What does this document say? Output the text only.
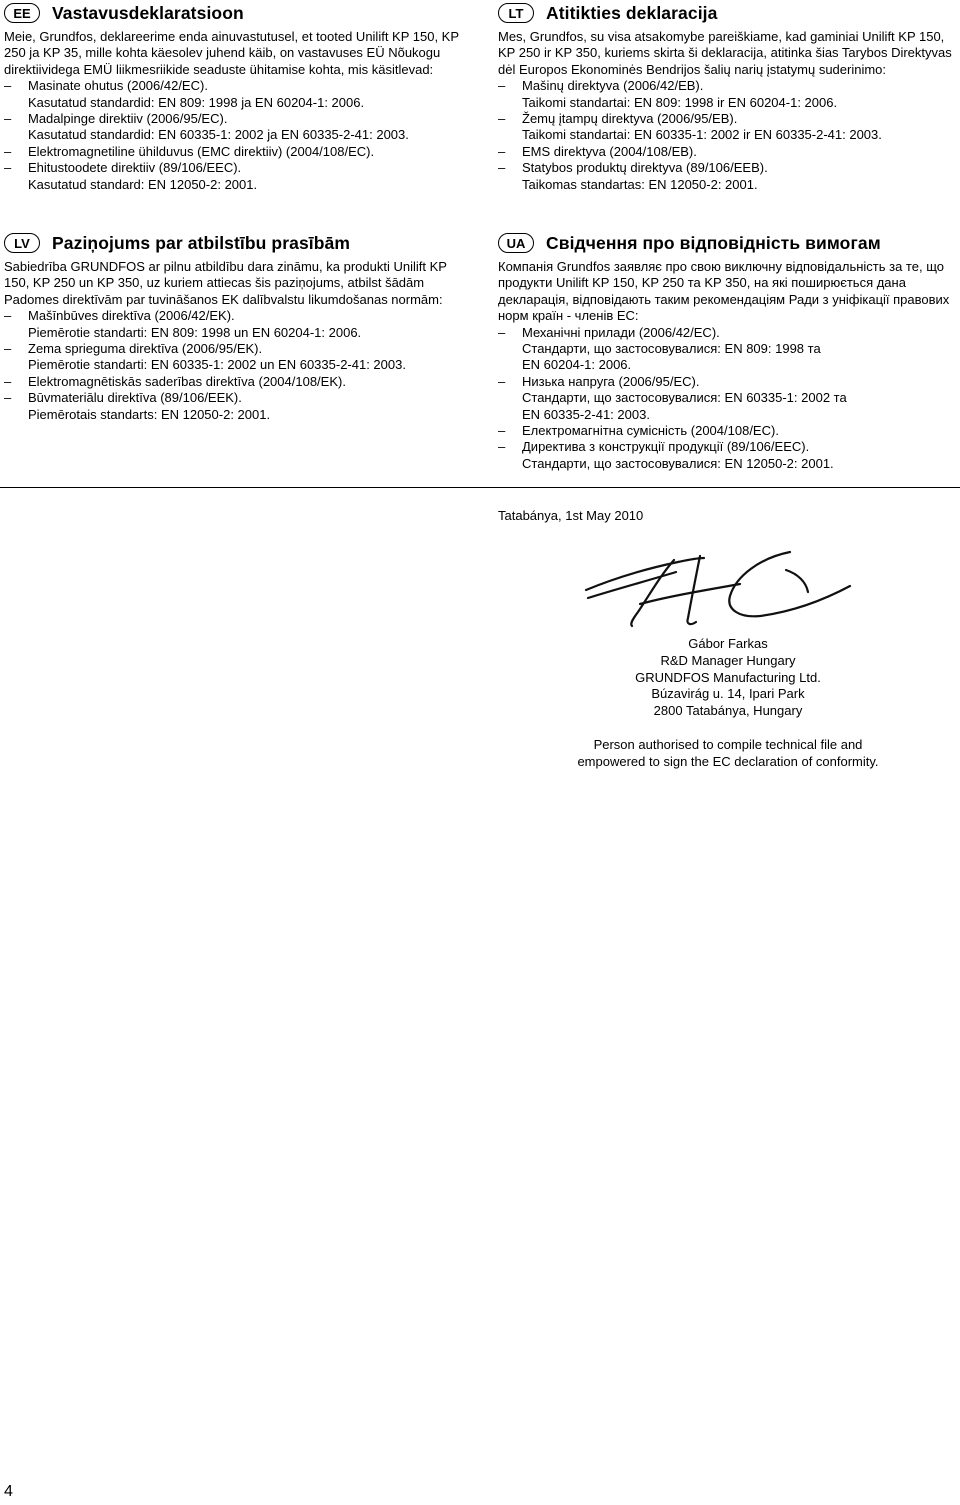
EE	Vastavusdeklaratsioon
Meie, Grundfos, deklareerime enda ainuvastutusel, et tooted Unilift KP 150, KP 250 ja KP 35, mille kohta käesolev juhend käib, on vastavuses EÜ Nõukogu direktiividega EMÜ liikmesriikide seaduste ühitamise kohta, mis käsitlevad:
–	Masinate ohutus (2006/42/EC).
Kasutatud standardid: EN 809: 1998 ja EN 60204-1: 2006.
–	Madalpinge direktiiv (2006/95/EC).
Kasutatud standardid: EN 60335-1: 2002 ja EN 60335-2-41: 2003.
–	Elektromagnetiline ühilduvus (EMC direktiiv) (2004/108/EC).
–	Ehitustoodete direktiiv (89/106/EEC).
Kasutatud standard: EN 12050-2: 2001.
LT	Atitikties deklaracija
Mes, Grundfos, su visa atsakomybe pareiškiame, kad gaminiai Unilift KP 150, KP 250 ir KP 350, kuriems skirta ši deklaracija, atitinka šias Tarybos Direktyvas dėl Europos Ekonominės Bendrijos šalių narių įstatymų suderinimo:
–	Mašinų direktyva (2006/42/EB).
Taikomi standartai: EN 809: 1998 ir EN 60204-1: 2006.
–	Žemų įtampų direktyva (2006/95/EB).
Taikomi standartai: EN 60335-1: 2002 ir EN 60335-2-41: 2003.
–	EMS direktyva (2004/108/EB).
–	Statybos produktų direktyva (89/106/EEB).
Taikomas standartas: EN 12050-2: 2001.
LV	Paziņojums par atbilstību prasībām
Sabiedrība GRUNDFOS ar pilnu atbildību dara zināmu, ka produkti Unilift KP 150, KP 250 un KP 350, uz kuriem attiecas šis paziņojums, atbilst šādām Padomes direktīvām par tuvināšanos EK dalībvalstu likumdošanas normām:
–	Mašīnbūves direktīva (2006/42/EK).
Piemērotie standarti: EN 809: 1998 un EN 60204-1: 2006.
–	Zema sprieguma direktīva (2006/95/EK).
Piemērotie standarti: EN 60335-1: 2002 un EN 60335-2-41: 2003.
–	Elektromagnētiskās saderības direktīva (2004/108/EK).
–	Būvmateriālu direktīva (89/106/EEK).
Piemērotais standarts: EN 12050-2: 2001.
UA	Свідчення про відповідність вимогам
Компанія Grundfos заявляє про свою виключну відповідальність за те, що продукти Unilift KP 150, KP 250 та KP 350, на які поширюється дана декларація, відповідають таким рекомендаціям Ради з уніфікації правових норм країн - членів ЕС:
–	Механічні прилади (2006/42/EC).
Стандарти, що застосовувалися: EN 809: 1998 та
EN 60204-1: 2006.
–	Низька напруга (2006/95/EC).
Стандарти, що застосовувалися: EN 60335-1: 2002 та
EN 60335-2-41: 2003.
–	Електромагнітна сумісність (2004/108/EC).
–	Директива з конструкції продукції (89/106/EEC).
Стандарти, що застосовувалися: EN 12050-2: 2001.
Tatabánya, 1st May 2010
Gábor Farkas
R&D Manager Hungary
GRUNDFOS Manufacturing Ltd.
Búzavirág u. 14, Ipari Park
2800 Tatabánya, Hungary
Person authorised to compile technical file and
empowered to sign the EC declaration of conformity.
4
